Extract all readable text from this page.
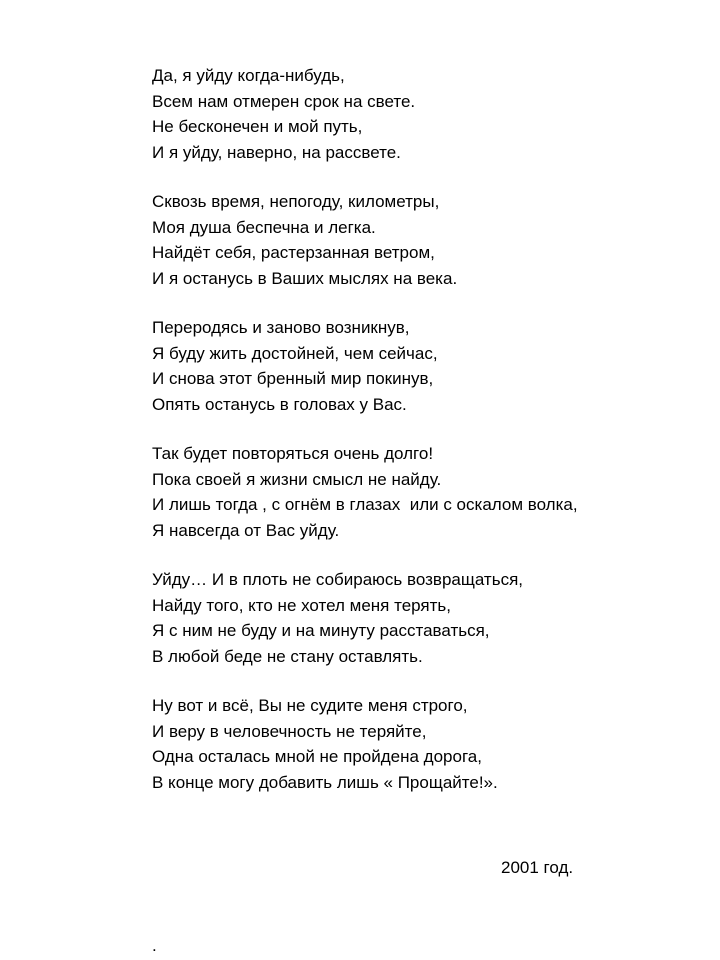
Да, я уйду когда-нибудь,
Всем нам отмерен срок на свете.
Не бесконечен и мой путь,
И я уйду, наверно, на рассвете.
Сквозь время, непогоду, километры,
Моя душа беспечна и легка.
Найдёт себя, растерзанная ветром,
И я останусь в Ваших мыслях на века.
Переродясь и заново возникнув,
Я буду жить достойней, чем сейчас,
И снова этот бренный мир покинув,
Опять останусь в головах у Вас.
Так будет повторяться очень долго!
Пока своей я жизни смысл не найду.
И лишь тогда , с огнём в глазах  или с оскалом волка,
Я навсегда от Вас уйду.
Уйду… И в плоть не собираюсь возвращаться,
Найду того, кто не хотел меня терять,
Я с ним не буду и на минуту расставаться,
В любой беде не стану оставлять.
Ну вот и всё, Вы не судите меня строго,
И веру в человечность не теряйте,
Одна осталась мной не пройдена дорога,
В конце могу добавить лишь « Прощайте!».
2001 год.
.
